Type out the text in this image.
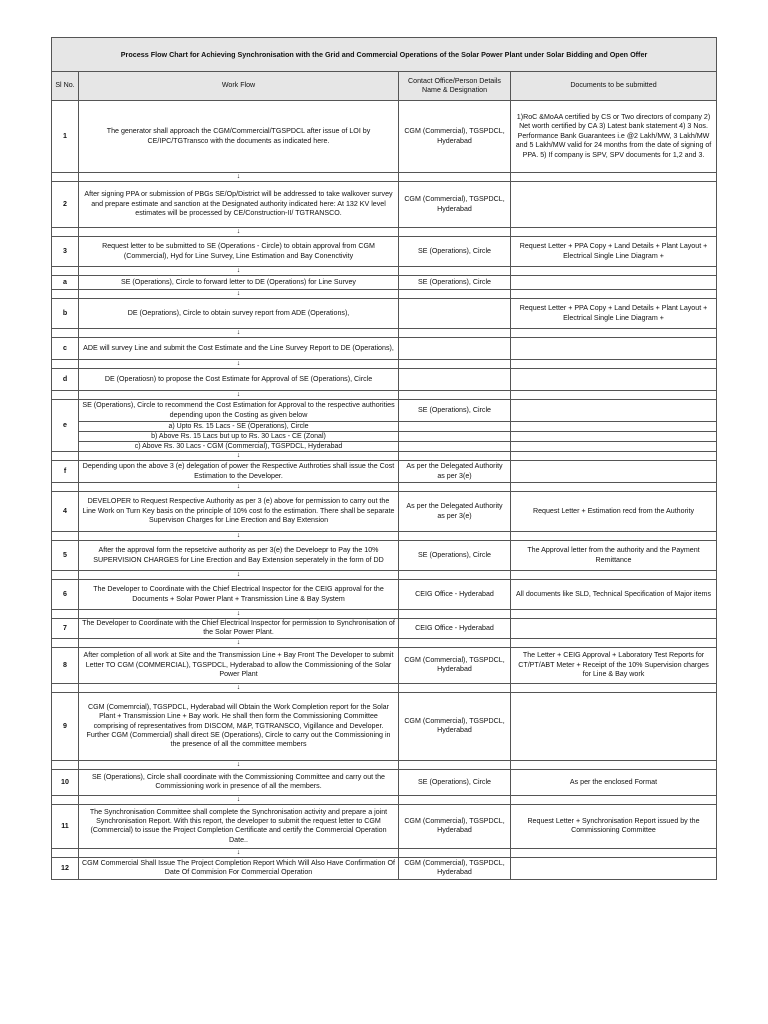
Process Flow Chart for Achieving Synchronisation with the Grid and Commercial Operations of the Solar Power Plant under Solar Bidding and Open Offer			
Sl No.	Work Flow	Contact Office/Person Details Name & Designation	Documents to be submitted
1	The generator shall approach the CGM/Commercial/TGSPDCL after issue of LOI by CE/IPC/TGTransco with the documents as indicated here.	CGM (Commercial), TGSPDCL, Hyderabad	1)RoC &MoAA certified by CS or Two directors of company 2) Net worth certified by CA 3) Latest bank statement 4) 3 Nos. Performance Bank Guarantees i.e @2 Lakh/MW, 3 Lakh/MW and 5 Lakh/MW valid for 24 months from the date of signing of PPA. 5) If company is SPV, SPV documents for 1,2 and 3.
	↓		
2	After signing PPA or submission of PBGs SE/Op/District will be addressed to take walkover survey and prepare estimate and sanction at the Designated authority indicated here: At 132 KV level estimates will be processed by CE/Construction-II/ TGTRANSCO.	CGM (Commercial), TGSPDCL, Hyderabad	
	↓		
3	Request letter to be submitted to SE (Operations - Circle) to obtain approval from CGM (Commercial), Hyd for Line Survey, Line Estimation and Bay Conenctivity	SE (Operations), Circle	Request Letter + PPA Copy + Land Details + Plant Layout + Electrical Single Line Diagram +
	↓		
a	SE (Operations), Circle to forward letter to DE (Operations) for Line Survey	SE (Operations), Circle	
	↓		
b	DE (Oeprations), Circle to obtain survey report from ADE (Operations),		Request Letter + PPA Copy + Land Details + Plant Layout + Electrical Single Line Diagram +
	↓		
c	ADE will survey Line and submit the Cost Estimate and the Line Survey Report to DE (Operations),		
	↓		
d	DE (Operatiosn) to propose the Cost Estimate for Approval of SE (Operations), Circle		
	↓		
e	SE (Operations), Circle to recommend the Cost Estimation for Approval to the respective authorities depending upon the Costing as given below	SE (Operations), Circle	
	a) Upto Rs. 15 Lacs - SE (Operations), Circle		
	b) Above Rs. 15 Lacs but up to Rs. 30 Lacs - CE (Zonal)		
	c) Above Rs. 30 Lacs - CGM (Commercial), TGSPDCL, Hyderabad		
	↓		
f	Depending upon the above 3 (e) delegation of power the Respective Authroties shall issue the Cost Estimation to the Developer.	As per the Delegated Authority as per 3(e)	
	↓		
4	DEVELOPER to Request Respective Authority as per 3 (e) above for permission to carry out the Line Work on Turn Key basis on the principle of 10% cost fo the estimation. There shall be separate Supervison Charges for Line Erection and Bay Extension	As per the Delegated Authority as per 3(e)	Request Letter + Estimation recd from the Authority
	↓		
5	After the approval form the repsetcive authority as per 3(e) the Develoepr to Pay the 10% SUPERVISION CHARGES for Line Erection and Bay Extension seperately in the form of DD	SE (Operations), Circle	The Approval letter from the authority and the Payment Remittance
	↓		
6	The Developer to Coordinate with the Chief Electrical Inspector for the CEIG approval for the Documents + Solar Power Plant + Transmission Line & Bay System	CEIG Office - Hyderabad	All documents like SLD, Technical Specification of Major items
	↓		
7	The Developer to Coordinate with the Chief Electrical Inspector for permission to Synchronisation of the Solar Power Plant.	CEIG Office - Hyderabad	
	↓		
8	After completion of all work at Site and the Transmission Line + Bay Front The Developer to submit Letter TO CGM (COMMERCIAL), TGSPDCL, Hyderabad to allow the Commissioning of the Solar Power Plant	CGM (Commercial), TGSPDCL, Hyderabad	The Letter + CEIG Approval + Laboratory Test Reports for CT/PT/ABT Meter + Receipt of the 10% Supervision charges for Line & Bay work
	↓		
9	CGM (Comemrcial), TGSPDCL, Hyderabad will Obtain the Work Completion report for the Solar Plant + Transmission Line + Bay work. He shall then form the Commissioning Committee comprising of representatives from DISCOM, M&P, TGTRANSCO, Vigillance and Developer. Further CGM (Commercial) shall direct SE (Operations), Circle to carry out the Commissioning in the presence of all the committee members	CGM (Commercial), TGSPDCL, Hyderabad	
	↓		
10	SE (Operations), Circle shall coordinate with the Commissioning Committee and carry out the Commissioning work in presence of all the members.	SE (Operations), Circle	As per the enclosed Format
	↓		
11	The Synchronisation Committee shall complete the Synchronisation activity and prepare a joint Synchronisation Report. With this report, the developer to submit the request letter to CGM (Commercial) to issue the Project Completion Certificate and certify the Commercial Operation Date..	CGM (Commercial), TGSPDCL, Hyderabad	Request Letter + Synchronisation Report issued by the Commissioning Committee
	↓		
12	CGM Commercial Shall Issue The Project Completion Report Which Will Also Have Confirmation Of Date Of Commision For Commercial Operation	CGM (Commercial), TGSPDCL, Hyderabad	
